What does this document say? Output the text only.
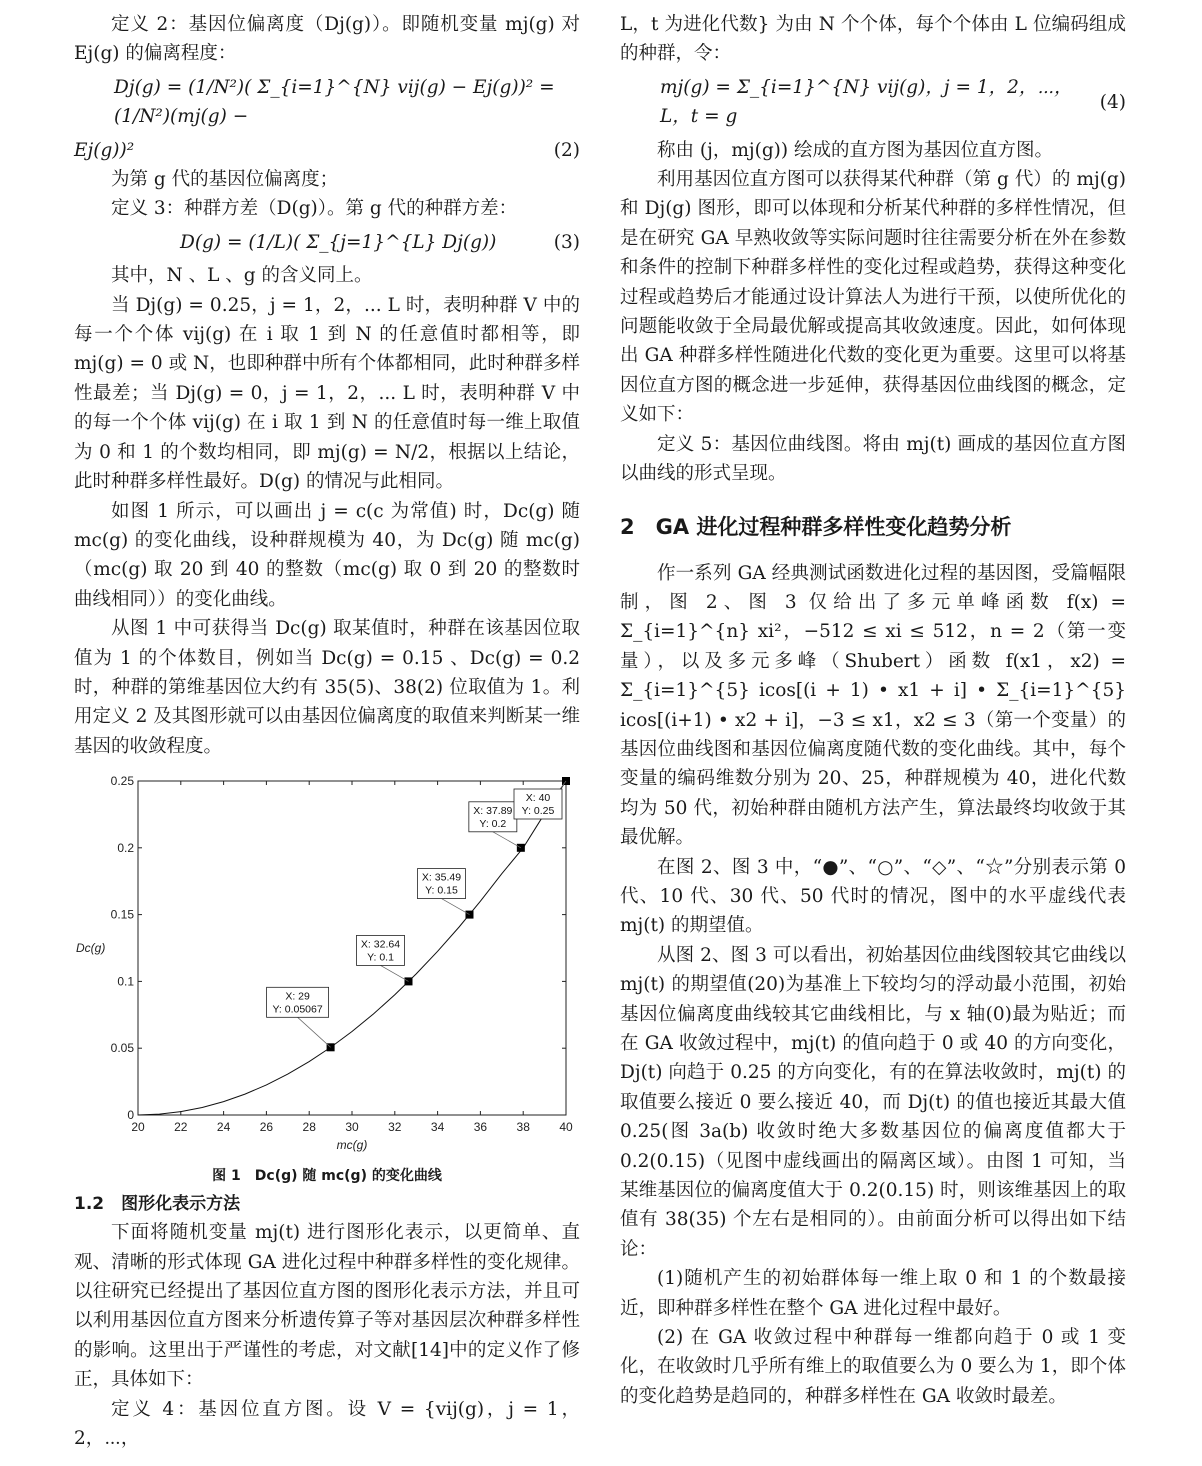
定义 2：基因位偏离度（Dj(g)）。即随机变量 mj(g) 对 Ej(g) 的偏离程度：

Dj(g) = (1/N²)( Σ_{i=1}^{N} vij(g) − Ej(g))² = (1/N²)(mj(g) −
Ej(g))²	(2)

为第 g 代的基因位偏离度；

定义 3：种群方差（D(g)）。第 g 代的种群方差：

D(g) = (1/L)( Σ_{j=1}^{L} Dj(g))	(3)

其中，N 、L 、g 的含义同上。

当 Dj(g) = 0.25，j = 1，2，... L 时，表明种群 V 中的每一个个体 vij(g) 在 i 取 1 到 N 的任意值时都相等，即 mj(g) = 0 或 N，也即种群中所有个体都相同，此时种群多样性最差；当 Dj(g) = 0，j = 1，2，... L 时，表明种群 V 中的每一个个体 vij(g) 在 i 取 1 到 N 的任意值时每一维上取值为 0 和 1 的个数均相同，即 mj(g) = N/2，根据以上结论，此时种群多样性最好。D(g) 的情况与此相同。

如图 1 所示，可以画出 j = c(c 为常值) 时，Dc(g) 随 mc(g) 的变化曲线，设种群规模为 40，为 Dc(g) 随 mc(g)（mc(g) 取 20 到 40 的整数（mc(g) 取 0 到 20 的整数时曲线相同））的变化曲线。

从图 1 中可获得当 Dc(g) 取某值时，种群在该基因位取值为 1 的个体数目，例如当 Dc(g) = 0.15 、Dc(g) = 0.2 时，种群的第维基因位大约有 35(5)、38(2) 位取值为 1。利用定义 2 及其图形就可以由基因位偏离度的取值来判断某一维基因的收敛程度。

20 22 24 26 28 30 32 34 36 38 40
0
0.05
0.1
0.15
0.2
0.25
mc(g)
Dc(g)
X: 29
Y: 0.05067
X: 32.64
Y: 0.1
X: 35.49
Y: 0.15
X: 37.89
Y: 0.2
X: 40
Y: 0.25
图 1　Dc(g) 随 mc(g) 的变化曲线
1.2　图形化表示方法

下面将随机变量 mj(t) 进行图形化表示，以更简单、直观、清晰的形式体现 GA 进化过程中种群多样性的变化规律。以往研究已经提出了基因位直方图的图形化表示方法，并且可以利用基因位直方图来分析遗传算子等对基因层次种群多样性的影响。这里出于严谨性的考虑，对文献[14]中的定义作了修正，具体如下：

定义 4：基因位直方图。设 V = {vij(g)，j = 1，2，⋯，

L，t 为进化代数} 为由 N 个个体，每个个体由 L 位编码组成的种群，令：

mj(g) = Σ_{i=1}^{N} vij(g)，j = 1，2，⋯，L，t = g
(4)

称由 (j，mj(g)) 绘成的直方图为基因位直方图。

利用基因位直方图可以获得某代种群（第 g 代）的 mj(g) 和 Dj(g) 图形，即可以体现和分析某代种群的多样性情况，但是在研究 GA 早熟收敛等实际问题时往往需要分析在外在参数和条件的控制下种群多样性的变化过程或趋势，获得这种变化过程或趋势后才能通过设计算法人为进行干预，以使所优化的问题能收敛于全局最优解或提高其收敛速度。因此，如何体现出 GA 种群多样性随进化代数的变化更为重要。这里可以将基因位直方图的概念进一步延伸，获得基因位曲线图的概念，定义如下：

定义 5：基因位曲线图。将由 mj(t) 画成的基因位直方图以曲线的形式呈现。

2　GA 进化过程种群多样性变化趋势分析

作一系列 GA 经典测试函数进化过程的基因图，受篇幅限制，图 2、图 3 仅给出了多元单峰函数 f(x) = Σ_{i=1}^{n} xi²，−512 ≤ xi ≤ 512，n = 2（第一变量），以及多元多峰（Shubert）函数 f(x1，x2) = Σ_{i=1}^{5} icos[(i + 1) • x1 + i] • Σ_{i=1}^{5} icos[(i+1) • x2 + i]，−3 ≤ x1，x2 ≤ 3（第一个变量）的基因位曲线图和基因位偏离度随代数的变化曲线。其中，每个变量的编码维数分别为 20、25，种群规模为 40，进化代数均为 50 代，初始种群由随机方法产生，算法最终均收敛于其最优解。

在图 2、图 3 中，“●”、“○”、“◇”、“☆”分别表示第 0 代、10 代、30 代、50 代时的情况，图中的水平虚线代表 mj(t) 的期望值。

从图 2、图 3 可以看出，初始基因位曲线图较其它曲线以 mj(t) 的期望值(20)为基准上下较均匀的浮动最小范围，初始基因位偏离度曲线较其它曲线相比，与 x 轴(0)最为贴近；而在 GA 收敛过程中，mj(t) 的值向趋于 0 或 40 的方向变化，Dj(t) 向趋于 0.25 的方向变化，有的在算法收敛时，mj(t) 的取值要么接近 0 要么接近 40，而 Dj(t) 的值也接近其最大值 0.25(图 3a(b) 收敛时绝大多数基因位的偏离度值都大于 0.2(0.15)（见图中虚线画出的隔离区域）。由图 1 可知，当某维基因位的偏离度值大于 0.2(0.15) 时，则该维基因上的取值有 38(35) 个左右是相同的）。由前面分析可以得出如下结论：

(1)随机产生的初始群体每一维上取 0 和 1 的个数最接近，即种群多样性在整个 GA 进化过程中最好。

(2) 在 GA 收敛过程中种群每一维都向趋于 0 或 1 变化，在收敛时几乎所有维上的取值要么为 0 要么为 1，即个体的变化趋势是趋同的，种群多样性在 GA 收敛时最差。
